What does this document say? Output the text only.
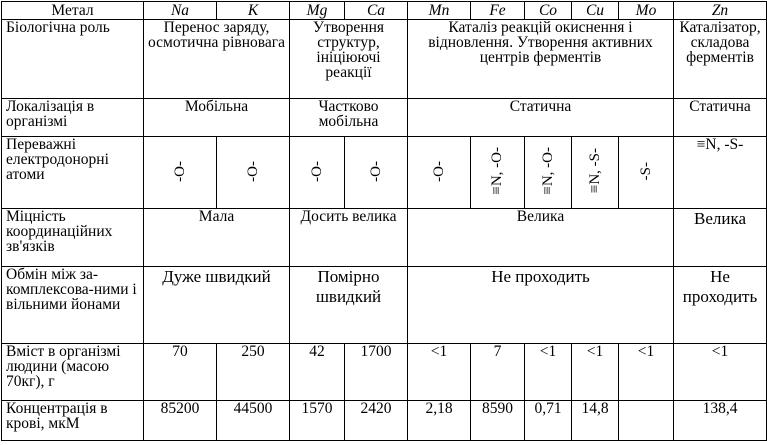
Метал	Na	K	Mg	Ca	Mn	Fe	Co	Cu	Mo	Zn
Біологічна роль	Перенос заряду, осмотична рівновага		Утворення структур, ініціюючі реакції		Каталіз реакцій окиснення і відновлення. Утворення активних центрів ферментів					Каталізатор, складова ферментів
Локалізація в організмі	Мобільна		Частково мобільна		Статична					Статична
Переважні електродонорні атоми	-O-	-O-	-O-	-O-	-O-	≡N, -O-	≡N, -O-	≡N, -S-	-S-	≡N, -S-
Міцність координаційних зв'язків	Мала		Досить велика		Велика					Велика
Обмін між за-комплексова-ними і вільними йонами	Дуже швидкий		Помірно швидкий		Не проходить					Не проходить
Вміст в організмі людини (масою 70кг), г	70	250	42	1700	<1	7	<1	<1	<1	<1
Концентрація в крові, мкМ	85200	44500	1570	2420	2,18	8590	0,71	14,8		138,4
